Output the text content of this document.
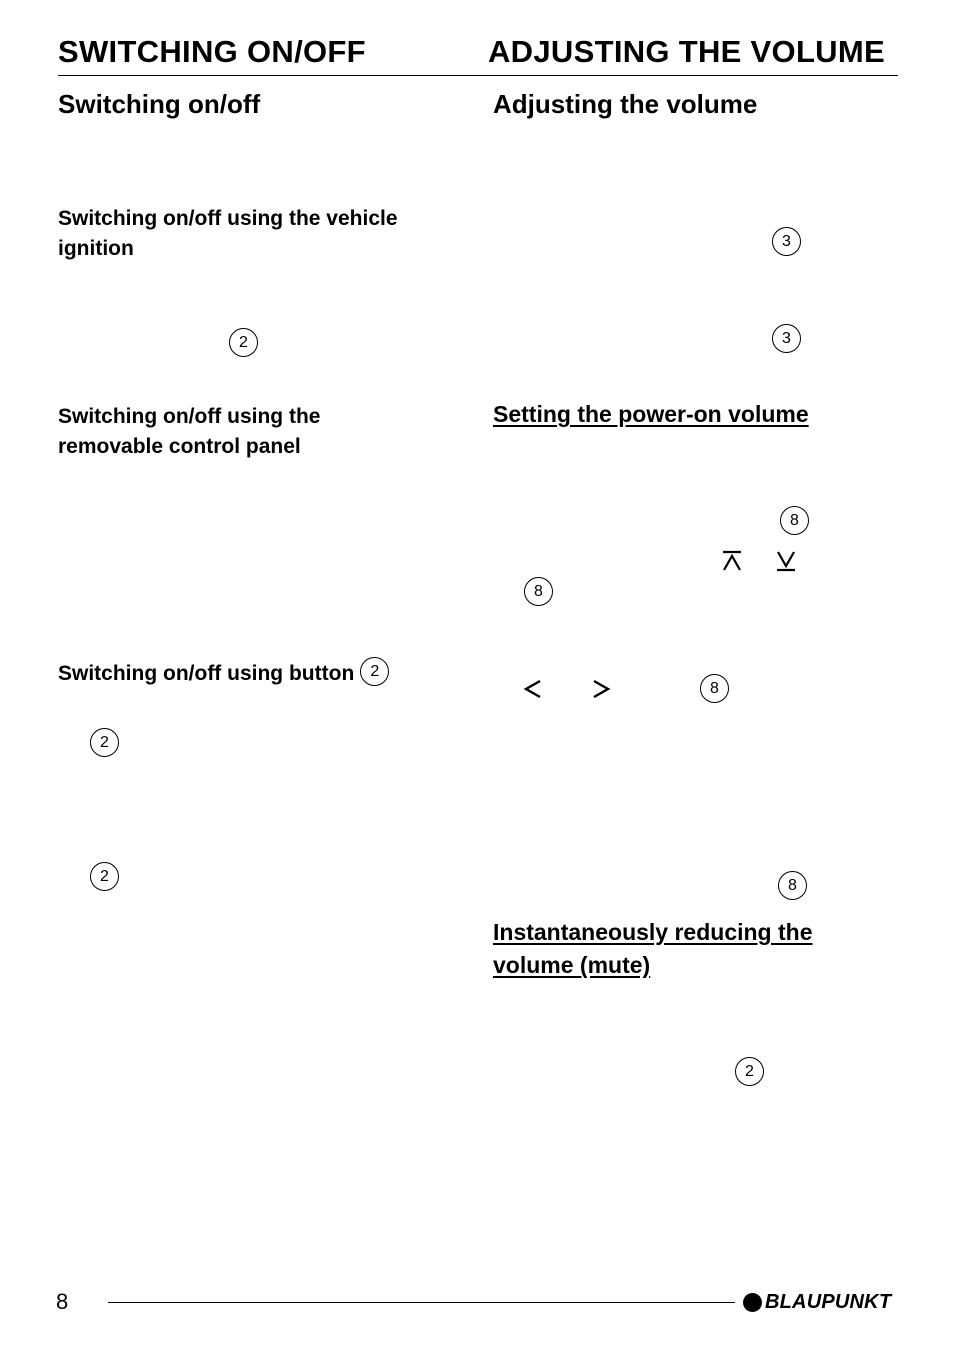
SWITCHING ON/OFF	ADJUSTING THE VOLUME
Switching on/off
Switching on/off using the vehicle ignition
2
Switching on/off using the removable control panel
Switching on/off using button 2
2
2
Adjusting the volume
3
3
Setting the power-on volume
8
8
8
8
Instantaneously reducing the volume (mute)
2
8	BLAUPUNKT
